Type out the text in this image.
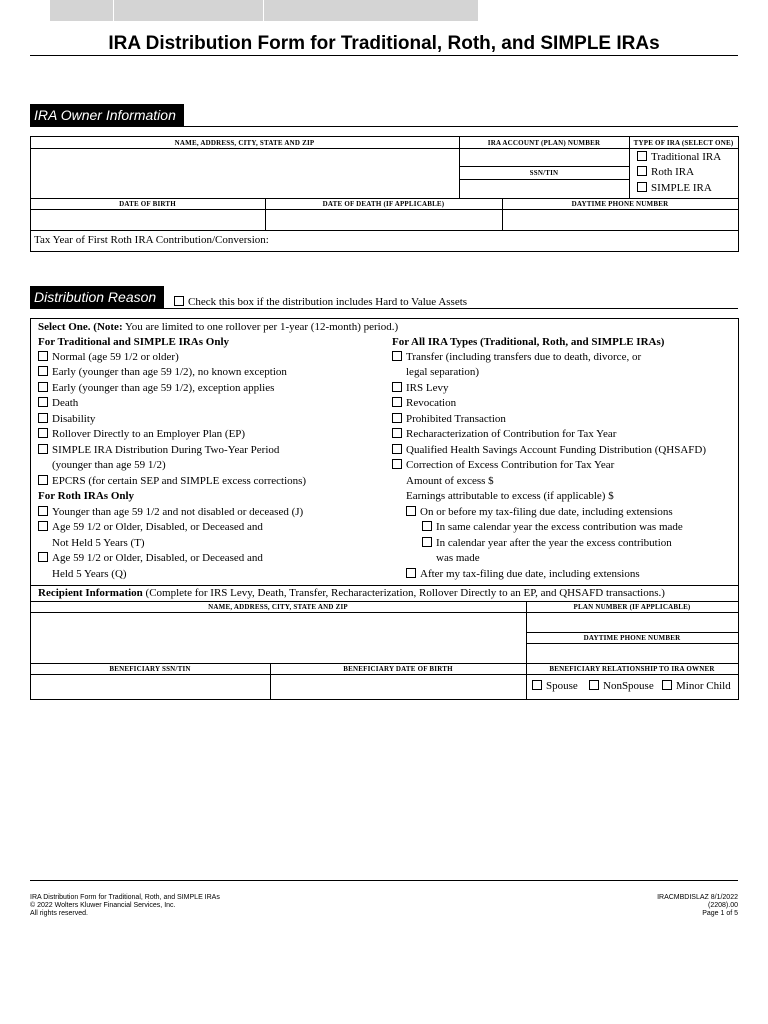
IRA Distribution Form for Traditional, Roth, and SIMPLE IRAs
IRA Owner Information
NAME, ADDRESS, CITY, STATE AND ZIP	IRA ACCOUNT (PLAN) NUMBER	TYPE OF IRA (SELECT ONE)
SSN/TIN
Traditional IRA
Roth IRA
SIMPLE IRA
DATE OF BIRTH	DATE OF DEATH (IF APPLICABLE)	DAYTIME PHONE NUMBER
Tax Year of First Roth IRA Contribution/Conversion:
Distribution Reason	Check this box if the distribution includes Hard to Value Assets
Select One. (Note: You are limited to one rollover per 1-year (12-month) period.)
For Traditional and SIMPLE IRAs Only
Normal (age 59 1/2 or older)
Early (younger than age 59 1/2), no known exception
Early (younger than age 59 1/2), exception applies
Death
Disability
Rollover Directly to an Employer Plan (EP)
SIMPLE IRA Distribution During Two-Year Period
(younger than age 59 1/2)
EPCRS (for certain SEP and SIMPLE excess corrections)
For Roth IRAs Only
Younger than age 59 1/2 and not disabled or deceased (J)
Age 59 1/2 or Older, Disabled, or Deceased and
Not Held 5 Years (T)
Age 59 1/2 or Older, Disabled, or Deceased and
Held 5 Years (Q)
For All IRA Types (Traditional, Roth, and SIMPLE IRAs)
Transfer (including transfers due to death, divorce, or
legal separation)
IRS Levy
Revocation
Prohibited Transaction
Recharacterization of Contribution for Tax Year
Qualified Health Savings Account Funding Distribution (QHSAFD)
Correction of Excess Contribution for Tax Year
Amount of excess $
Earnings attributable to excess (if applicable) $
On or before my tax-filing due date, including extensions
In same calendar year the excess contribution was made
In calendar year after the year the excess contribution
was made
After my tax-filing due date, including extensions
Recipient Information (Complete for IRS Levy, Death, Transfer, Recharacterization, Rollover Directly to an EP, and QHSAFD transactions.)
NAME, ADDRESS, CITY, STATE AND ZIP	PLAN NUMBER (IF APPLICABLE)
DAYTIME PHONE NUMBER
BENEFICIARY SSN/TIN	BENEFICIARY DATE OF BIRTH	BENEFICIARY RELATIONSHIP TO IRA OWNER
Spouse	NonSpouse	Minor Child
IRA Distribution Form for Traditional, Roth, and SIMPLE IRAs
© 2022 Wolters Kluwer Financial Services, Inc.
All rights reserved.
IRACMBDISLAZ 8/1/2022
(2208).00
Page 1 of 5
